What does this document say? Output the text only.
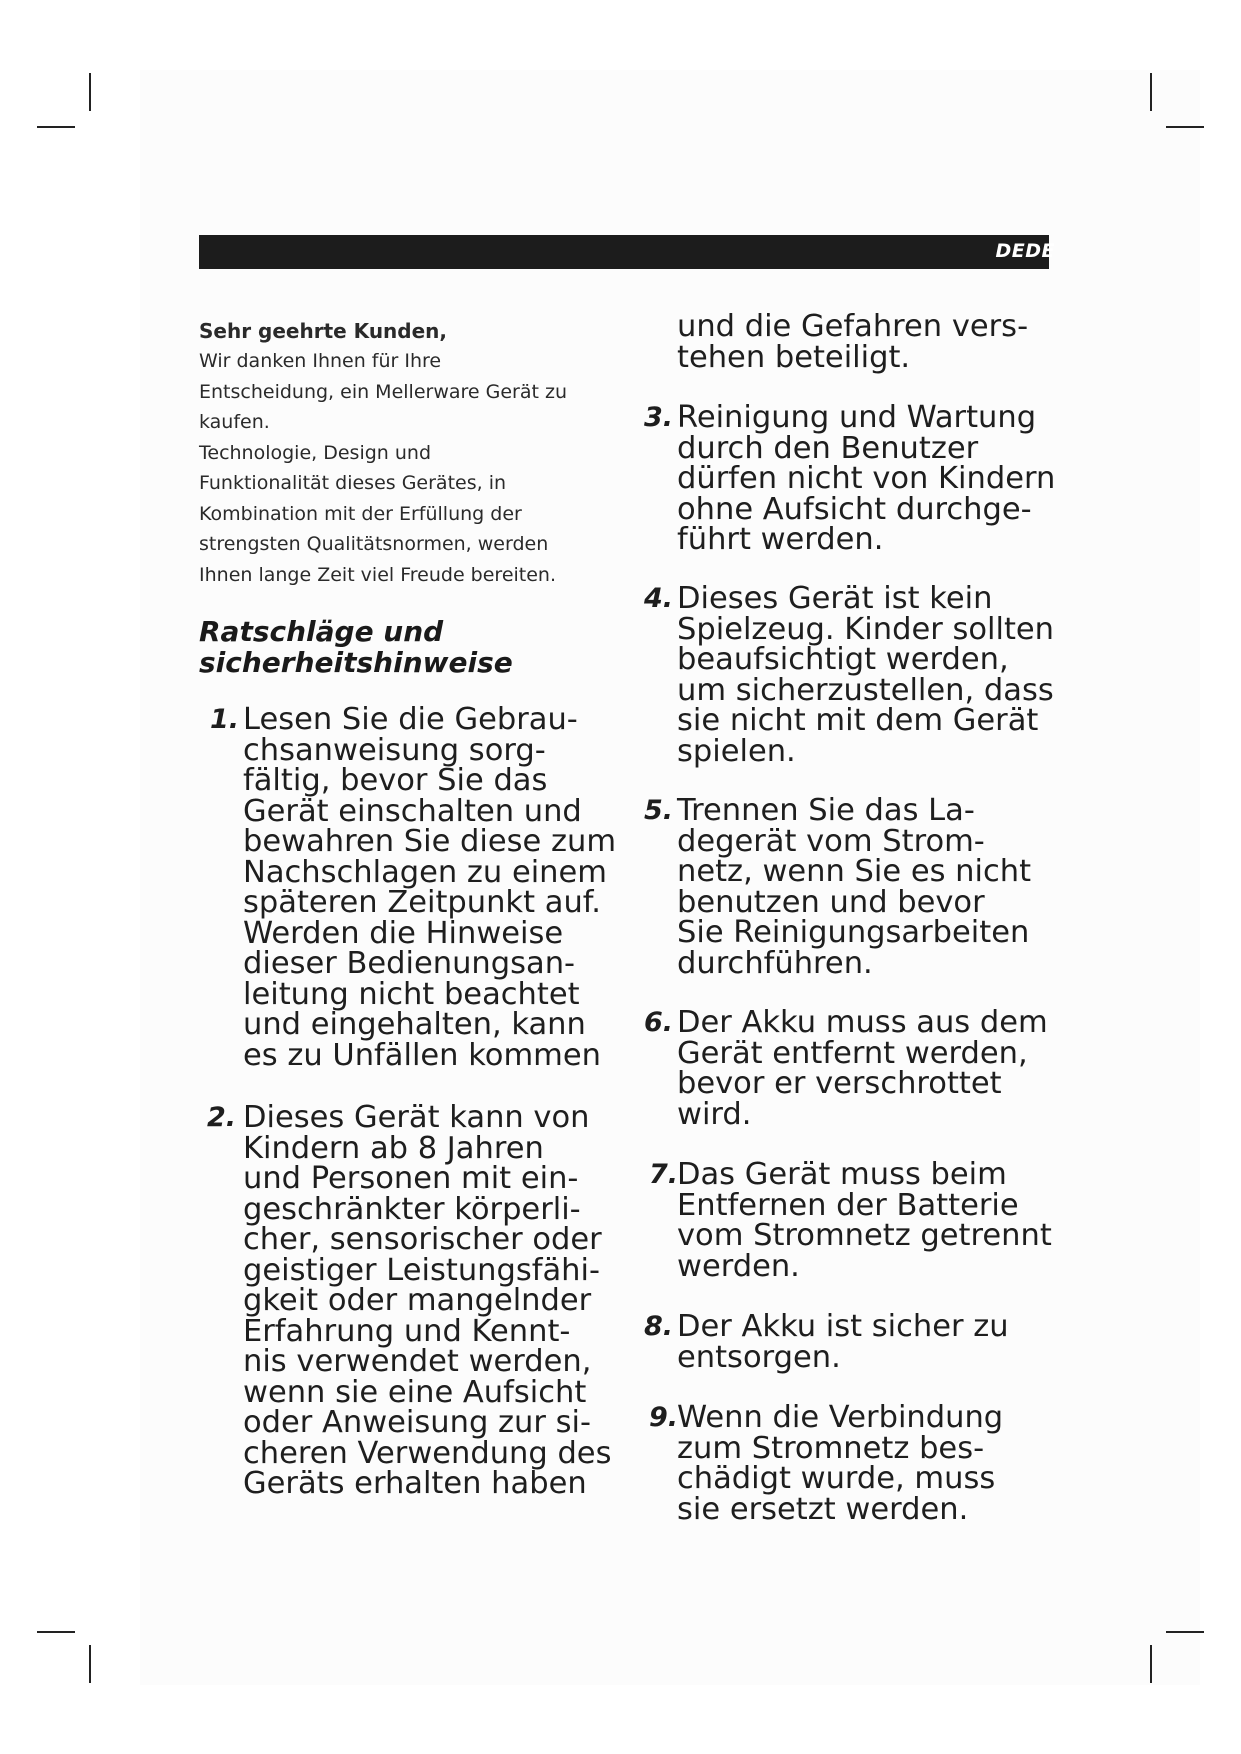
DEDE

Sehr geehrte Kunden,

Wir danken Ihnen für Ihre

Entscheidung, ein Mellerware Gerät zu

kaufen.

Technologie, Design und

Funktionalität dieses Gerätes, in

Kombination mit der Erfüllung der

strengsten Qualitätsnormen, werden

Ihnen lange Zeit viel Freude bereiten.

Ratschläge und
sicherheitshinweise
1. Lesen Sie die Gebrau-
chsanweisung sorg-
fältig, bevor Sie das
Gerät einschalten und
bewahren Sie diese zum
Nachschlagen zu einem
späteren Zeitpunkt auf.
Werden die Hinweise
dieser Bedienungsan-
leitung nicht beachtet
und eingehalten, kann
es zu Unfällen kommen
2. Dieses Gerät kann von
Kindern ab 8 Jahren
und Personen mit ein-
geschränkter körperli-
cher, sensorischer oder
geistiger Leistungsfähi-
gkeit oder mangelnder
Erfahrung und Kennt-
nis verwendet werden,
wenn sie eine Aufsicht
oder Anweisung zur si-
cheren Verwendung des
Geräts erhalten haben
und die Gefahren vers-
tehen beteiligt.
3. Reinigung und Wartung
durch den Benutzer
dürfen nicht von Kindern
ohne Aufsicht durchge-
führt werden.
4. Dieses Gerät ist kein
Spielzeug. Kinder sollten
beaufsichtigt werden,
um sicherzustellen, dass
sie nicht mit dem Gerät
spielen.
5. Trennen Sie das La-
degerät vom Strom-
netz, wenn Sie es nicht
benutzen und bevor
Sie Reinigungsarbeiten
durchführen.
6. Der Akku muss aus dem
Gerät entfernt werden,
bevor er verschrottet
wird.
7.
Das Gerät muss beim
Entfernen der Batterie
vom Stromnetz getrennt
werden.
8. Der Akku ist sicher zu
entsorgen.
9.
Wenn die Verbindung
zum Stromnetz bes-
chädigt wurde, muss
sie ersetzt werden.
